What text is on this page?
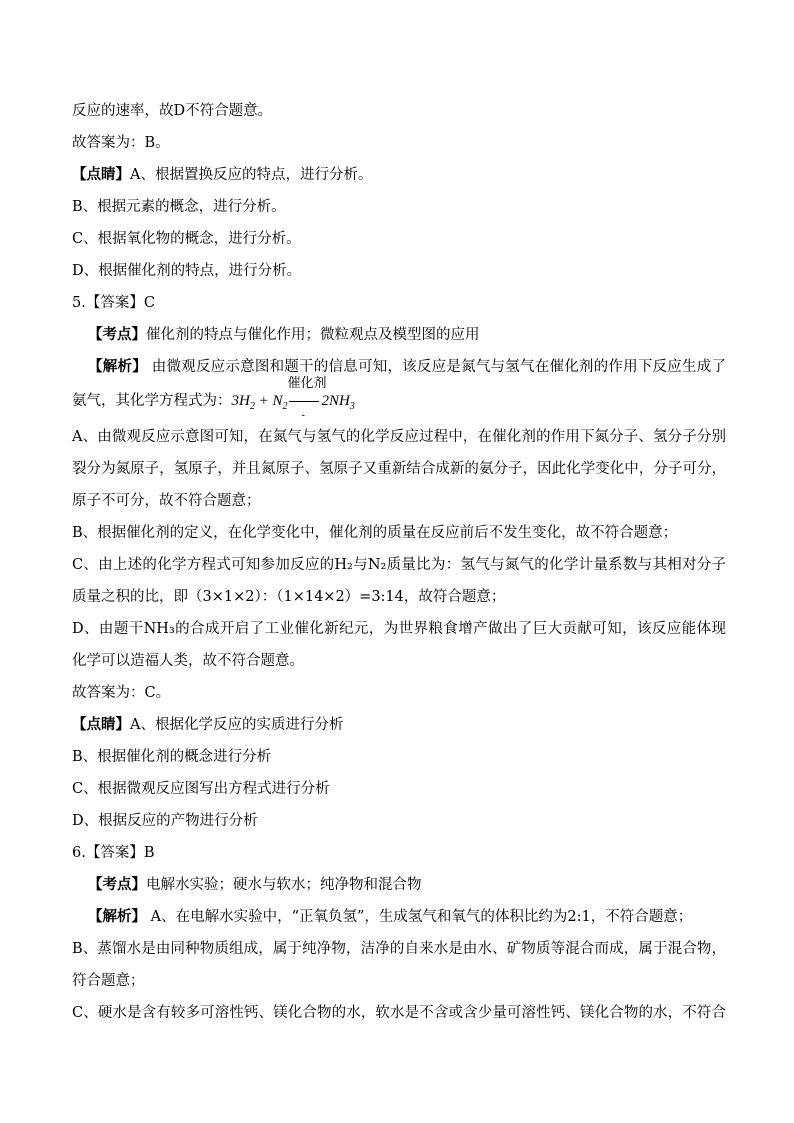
反应的速率，故D不符合题意。
故答案为：B。
【点睛】A、根据置换反应的特点，进行分析。
B、根据元素的概念，进行分析。
C、根据氧化物的概念，进行分析。
D、根据催化剂的特点，进行分析。
5.【答案】C
【考点】催化剂的特点与催化作用；微粒观点及模型图的应用
【解析】 由微观反应示意图和题干的信息可知，该反应是氮气与氢气在催化剂的作用下反应生成了
氨气，其化学方程式为：$3H_2 + N_2$
催化剂
-
$2NH_3$
A、由微观反应示意图可知，在氮气与氢气的化学反应过程中，在催化剂的作用下氮分子、氢分子分别
裂分为氮原子，氢原子，并且氮原子、氢原子又重新结合成新的氨分子，因此化学变化中，分子可分，
原子不可分，故不符合题意；
B、根据催化剂的定义，在化学变化中，催化剂的质量在反应前后不发生变化，故不符合题意；
C、由上述的化学方程式可知参加反应的H₂与N₂质量比为：氢气与氮气的化学计量系数与其相对分子
质量之积的比，即（3×1×2）：（1×14×2）=3:14，故符合题意；
D、由题干NH₃的合成开启了工业催化新纪元，为世界粮食增产做出了巨大贡献可知，该反应能体现
化学可以造福人类，故不符合题意。
故答案为：C。
【点睛】A、根据化学反应的实质进行分析
B、根据催化剂的概念进行分析
C、根据微观反应图写出方程式进行分析
D、根据反应的产物进行分析
6.【答案】B
【考点】电解水实验；硬水与软水；纯净物和混合物
【解析】 A、在电解水实验中，“正氧负氢”，生成氢气和氧气的体积比约为2:1，不符合题意；
B、蒸馏水是由同种物质组成，属于纯净物，洁净的自来水是由水、矿物质等混合而成，属于混合物，
符合题意；
C、硬水是含有较多可溶性钙、镁化合物的水，软水是不含或含少量可溶性钙、镁化合物的水，不符合
